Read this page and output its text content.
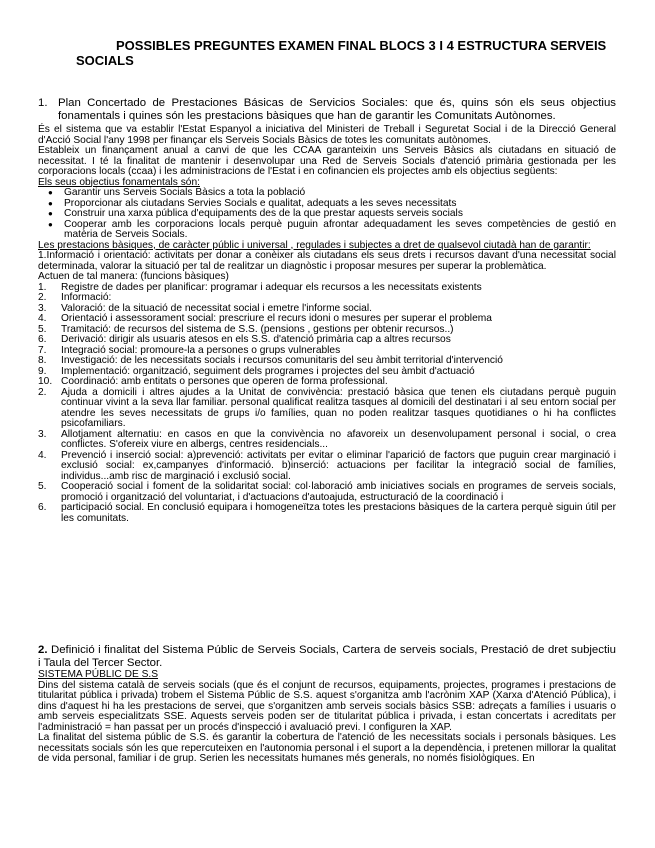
POSSIBLES PREGUNTES EXAMEN FINAL BLOCS 3 I 4 ESTRUCTURA SERVEIS SOCIALS
1. Plan Concertado de Prestaciones Básicas de Servicios Sociales: que és, quins són els seus objectius fonamentals i quines són les prestacions bàsiques que han de garantir les Comunitats Autònomes.
És el sistema que va establir l'Estat Espanyol a iniciativa del Ministeri de Treball i Seguretat Social i de la Direcció General d'Acció Social l'any 1998 per finançar els Serveis Socials Bàsics de totes les comunitats autònomes.
Estableix un finançament anual a canvi de que les CCAA garanteixin uns Serveis Bàsics als ciutadans en situació de necessitat. I té la finalitat de mantenir i desenvolupar una Red de Serveis Socials d'atenció primària gestionada per les corporacions locals (ccaa) i les administracions de l'Estat i en cofinancien els projectes amb els objectius següents:
Els seus objectius fonamentals són:
● Garantir uns Serveis Socials Bàsics a tota la població
● Proporcionar als ciutadans Servies Socials e qualitat, adequats a les seves necessitats
● Construir una xarxa pública d'equipaments des de la que prestar aquests serveis socials
● Cooperar amb les corporacions locals perquè puguin afrontar adequadament les seves competències de gestió en matèria de Serveis Socials.
Les prestacions bàsiques, de caràcter públic i universal , regulades i subjectes a dret de qualsevol ciutadà han de garantir:
1.Informació i orientació: activitats per donar a conèixer als ciutadans els seus drets i recursos davant d'una necessitat social determinada, valorar la situació per tal de realitzar un diagnòstic i proposar mesures per superar la problemàtica.
Actuen de tal manera: (funcions bàsiques)
1. Registre de dades per planificar: programar i adequar els recursos a les necessitats existents
2. Informació:
3. Valoració: de la situació de necessitat social i emetre l'informe social.
4. Orientació i assessorament social: prescriure el recurs idoni o mesures per superar el problema
5. Tramitació: de recursos del sistema de S.S. (pensions , gestions per obtenir recursos..)
6. Derivació: dirigir als usuaris atesos en els S.S. d'atenció primària cap a altres recursos
7. Integració social: promoure-la a persones o grups vulnerables
8. Investigació: de les necessitats socials i recursos comunitaris del seu àmbit territorial d'intervenció
9. Implementació: organització, seguiment dels programes i projectes del seu àmbit d'actuació
10. Coordinació: amb entitats o persones que operen de forma professional.
2. Ajuda a domicili i altres ajudes a la Unitat de convivència: prestació bàsica que tenen els ciutadans perquè puguin continuar vivint a la seva llar familiar. personal qualificat realitza tasques al domicili del destinatari i al seu entorn social per atendre les seves necessitats de grups i/o famílies, quan no poden realitzar tasques quotidianes o hi ha conflictes psicofamiliars.
3. Allotjament alternatiu: en casos en que la convivència no afavoreix un desenvolupament personal i social, o crea conflictes. S'ofereix viure en albergs, centres residencials...
4. Prevenció i inserció social: a)prevenció: activitats per evitar o eliminar l'aparició de factors que puguin crear marginació i exclusió social: ex,campanyes d'informació. b)inserció: actuacions per facilitar la integració social de famílies, individus...amb risc de marginació i exclusió social.
5. Cooperació social i foment de la solidaritat social: col·laboració amb iniciatives socials en programes de serveis socials, promoció i organització del voluntariat, i d'actuacions d'autoajuda, estructuració de la coordinació i
6. participació social. En conclusió equipara i homogeneïtza totes les prestacions bàsiques de la cartera perquè siguin útil per les comunitats.
2. Definició i finalitat del Sistema Públic de Serveis Socials, Cartera de serveis socials, Prestació de dret subjectiu i Taula del Tercer Sector.
SISTEMA PÚBLIC DE S.S
Dins del sistema català de serveis socials (que és el conjunt de recursos, equipaments, projectes, programes i prestacions de titularitat pública i privada) trobem el Sistema Públic de S.S. aquest s'organitza amb l'acrònim XAP (Xarxa d'Atenció Pública), i dins d'aquest hi ha les prestacions de servei, que s'organitzen amb serveis socials bàsics SSB: adreçats a famílies i usuaris o amb serveis especialitzats SSE. Aquests serveis poden ser de titularitat pública i privada, i estan concertats i acreditats per l'administració = han passat per un procés d'inspecció i avaluació previ. I configuren la XAP.
La finalitat del sistema públic de S.S. és garantir la cobertura de l'atenció de les necessitats socials i personals bàsiques. Les necessitats socials són les que repercuteixen en l'autonomia personal i el suport a la dependència, i pretenen millorar la qualitat de vida personal, familiar i de grup. Serien les necessitats humanes més generals, no només fisiològiques. En
